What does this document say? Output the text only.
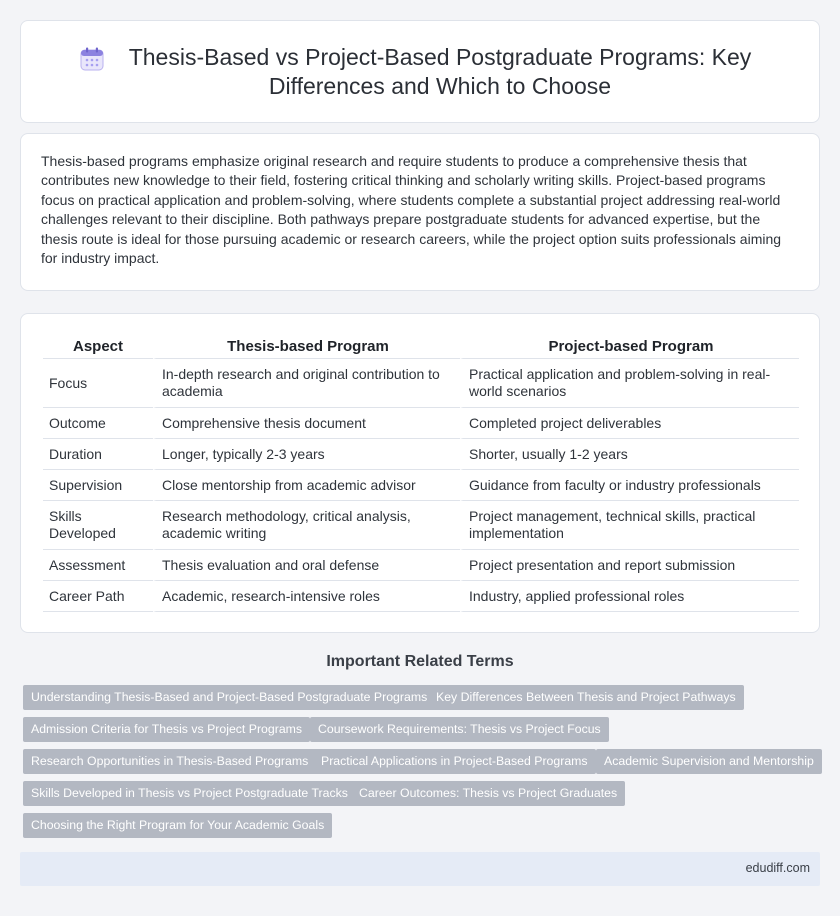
Thesis-Based vs Project-Based Postgraduate Programs: Key Differences and Which to Choose

Thesis-based programs emphasize original research and require students to produce a comprehensive thesis that contributes new knowledge to their field, fostering critical thinking and scholarly writing skills. Project-based programs focus on practical application and problem-solving, where students complete a substantial project addressing real-world challenges relevant to their discipline. Both pathways prepare postgraduate students for advanced expertise, but the thesis route is ideal for those pursuing academic or research careers, while the project option suits professionals aiming for industry impact.

Aspect	Thesis-based Program	Project-based Program
Focus	In-depth research and original contribution to academia	Practical application and problem-solving in real-world scenarios
Outcome	Comprehensive thesis document	Completed project deliverables
Duration	Longer, typically 2-3 years	Shorter, usually 1-2 years
Supervision	Close mentorship from academic advisor	Guidance from faculty or industry professionals
Skills Developed	Research methodology, critical analysis, academic writing	Project management, technical skills, practical implementation
Assessment	Thesis evaluation and oral defense	Project presentation and report submission
Career Path	Academic, research-intensive roles	Industry, applied professional roles
Important Related Terms
Understanding Thesis-Based and Project-Based Postgraduate Programs Key Differences Between Thesis and Project Pathways
Admission Criteria for Thesis vs Project Programs	Coursework Requirements: Thesis vs Project Focus
Research Opportunities in Thesis-Based Programs	Practical Applications in Project-Based Programs	Academic Supervision and Mentorship
Skills Developed in Thesis vs Project Postgraduate Tracks Career Outcomes: Thesis vs Project Graduates
Choosing the Right Program for Your Academic Goals
edudiff.com
